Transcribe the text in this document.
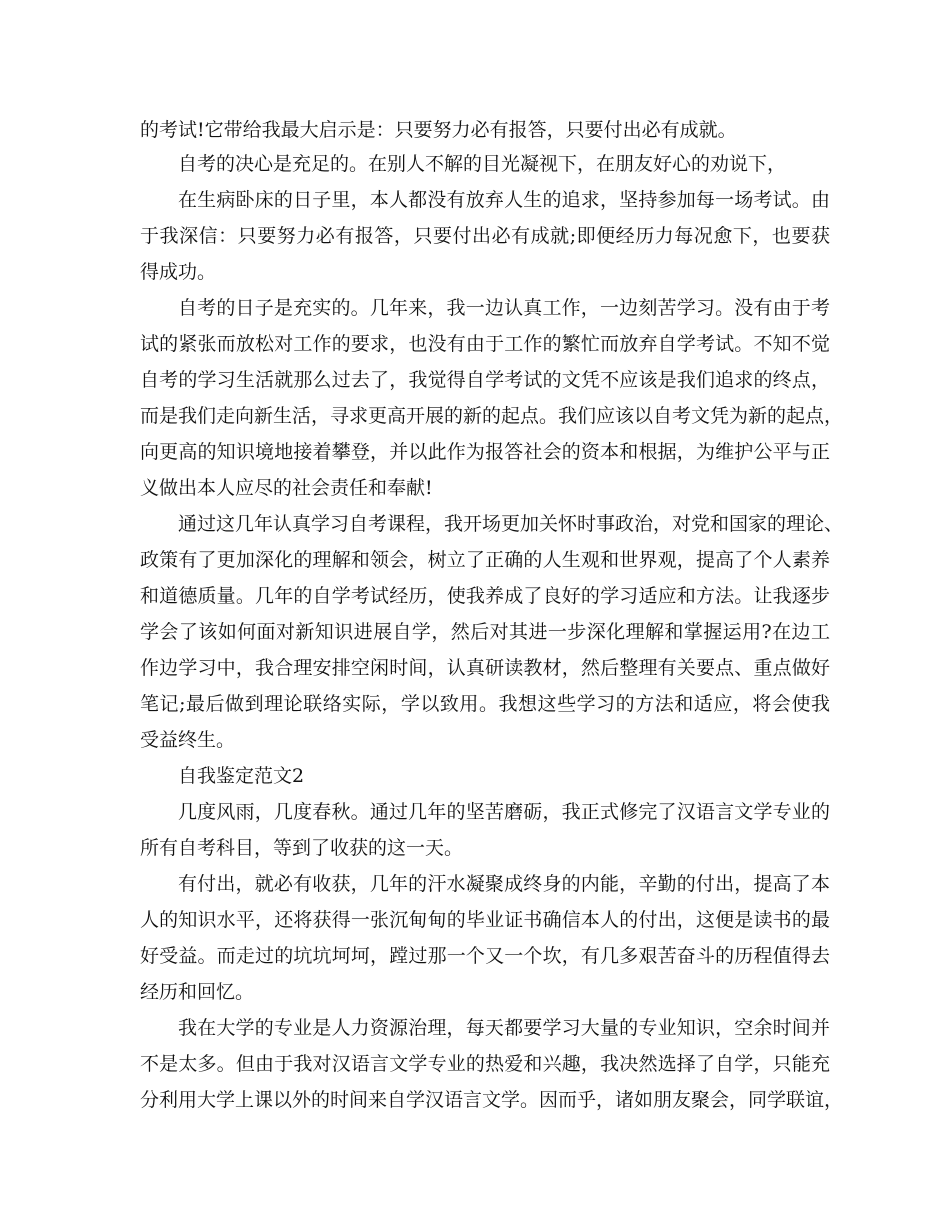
的考试!它带给我最大启示是：只要努力必有报答，只要付出必有成就。
自考的决心是充足的。在别人不解的目光凝视下，在朋友好心的劝说下，
在生病卧床的日子里，本人都没有放弃人生的追求，坚持参加每一场考试。由
于我深信：只要努力必有报答，只要付出必有成就;即便经历力每况愈下，也要获
得成功。
自考的日子是充实的。几年来，我一边认真工作，一边刻苦学习。没有由于考
试的紧张而放松对工作的要求，也没有由于工作的繁忙而放弃自学考试。不知不觉
自考的学习生活就那么过去了，我觉得自学考试的文凭不应该是我们追求的终点，
而是我们走向新生活，寻求更高开展的新的起点。我们应该以自考文凭为新的起点，
向更高的知识境地接着攀登，并以此作为报答社会的资本和根据，为维护公平与正
义做出本人应尽的社会责任和奉献!
通过这几年认真学习自考课程，我开场更加关怀时事政治，对党和国家的理论、
政策有了更加深化的理解和领会，树立了正确的人生观和世界观，提高了个人素养
和道德质量。几年的自学考试经历，使我养成了良好的学习适应和方法。让我逐步
学会了该如何面对新知识进展自学，然后对其进一步深化理解和掌握运用?在边工
作边学习中，我合理安排空闲时间，认真研读教材，然后整理有关要点、重点做好
笔记;最后做到理论联络实际，学以致用。我想这些学习的方法和适应，将会使我
受益终生。
自我鉴定范文2
几度风雨，几度春秋。通过几年的坚苦磨砺，我正式修完了汉语言文学专业的
所有自考科目，等到了收获的这一天。
有付出，就必有收获，几年的汗水凝聚成终身的内能，辛勤的付出，提高了本
人的知识水平，还将获得一张沉甸甸的毕业证书确信本人的付出，这便是读书的最
好受益。而走过的坑坑坷坷，蹚过那一个又一个坎，有几多艰苦奋斗的历程值得去
经历和回忆。
我在大学的专业是人力资源治理，每天都要学习大量的专业知识，空余时间并
不是太多。但由于我对汉语言文学专业的热爱和兴趣，我决然选择了自学，只能充
分利用大学上课以外的时间来自学汉语言文学。因而乎，诸如朋友聚会，同学联谊，
